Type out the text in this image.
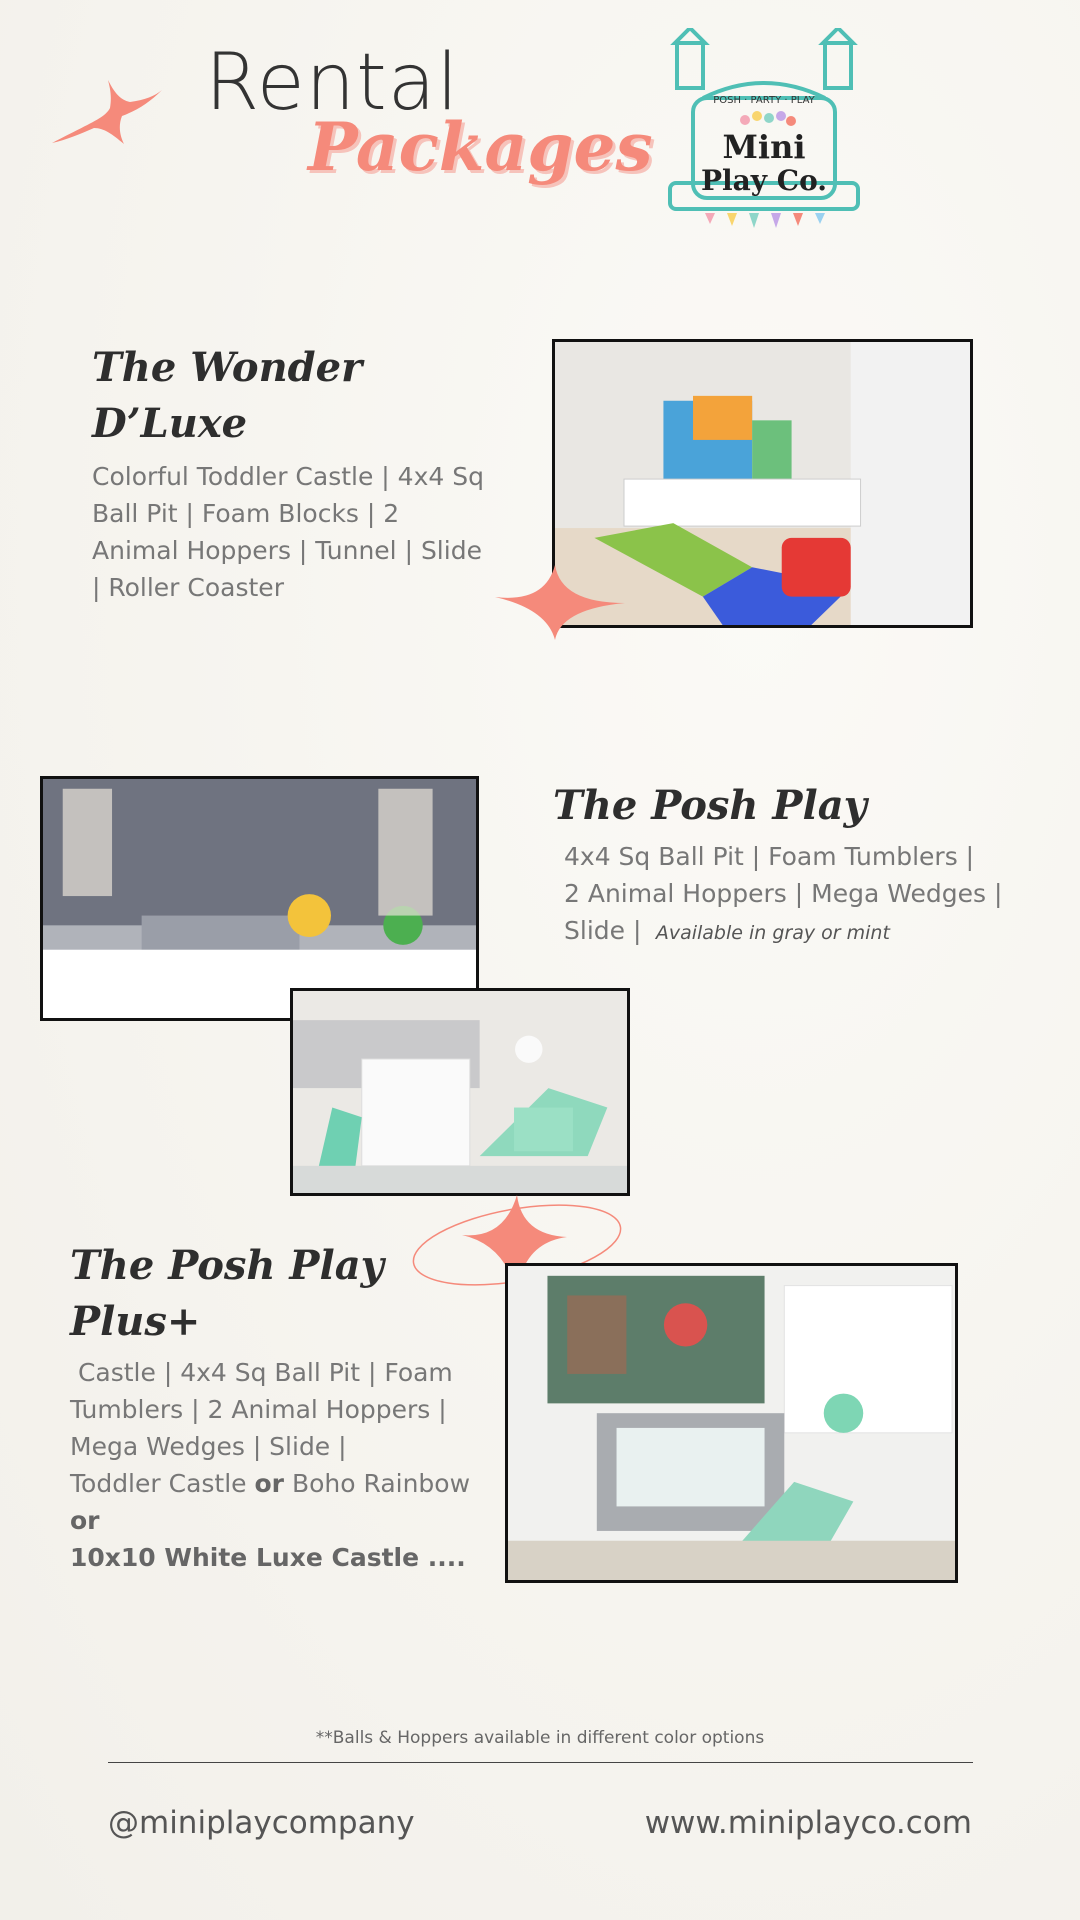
Rental
Packages
POSH · PARTY · PLAY
Mini
Play Co.
The Wonder
D’Luxe
Colorful Toddler Castle | 4x4 Sq Ball Pit | Foam Blocks | 2 Animal Hoppers | Tunnel | Slide | Roller Coaster
The Posh Play
4x4 Sq Ball Pit | Foam Tumblers |
2 Animal Hoppers | Mega Wedges |
Slide | Available in gray or mint
The Posh Play
Plus+
Castle | 4x4 Sq Ball Pit | Foam
Tumblers | 2 Animal Hoppers |
Mega Wedges | Slide |
Toddler Castle or Boho Rainbow
or
10x10 White Luxe Castle ....
**Balls & Hoppers available in different color options
@miniplaycompany	www.miniplayco.com
